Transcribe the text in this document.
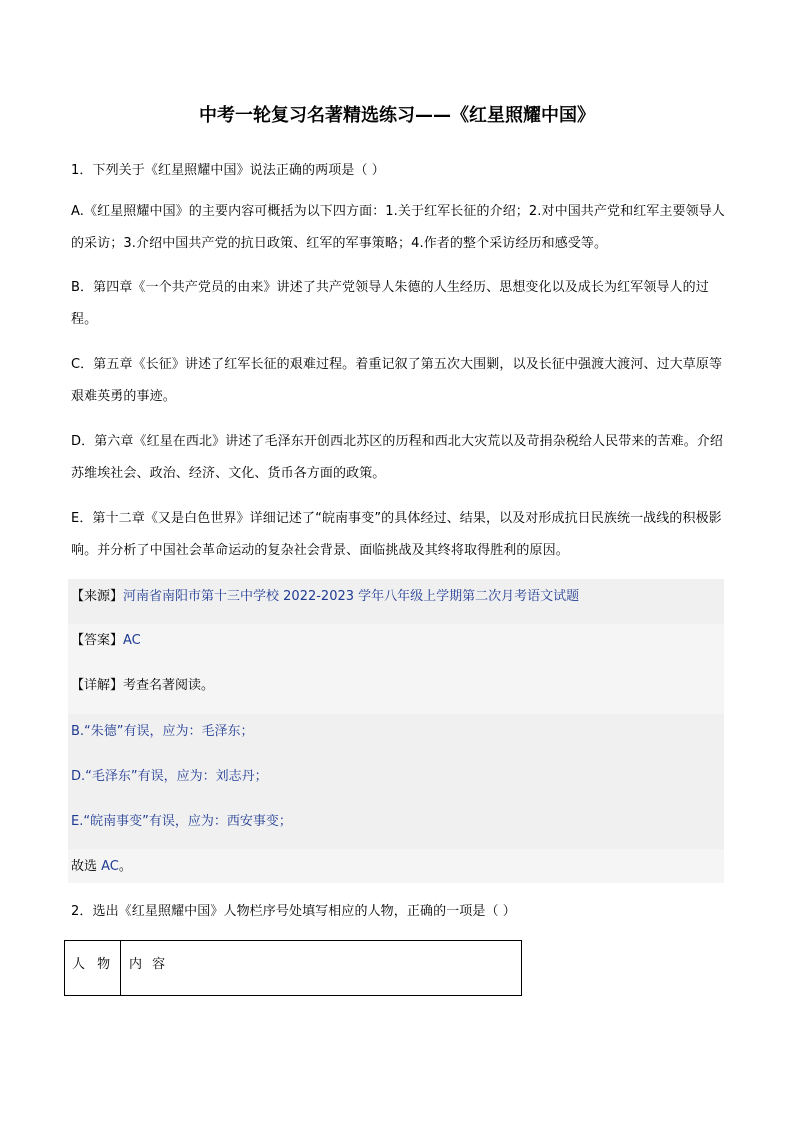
中考一轮复习名著精选练习——《红星照耀中国》

1．下列关于《红星照耀中国》说法正确的两项是（ ）

A.《红星照耀中国》的主要内容可概括为以下四方面：1.关于红军长征的介绍；2.对中国共产党和红军主要领导人的采访；3.介绍中国共产党的抗日政策、红军的军事策略；4.作者的整个采访经历和感受等。

B．第四章《一个共产党员的由来》讲述了共产党领导人朱德的人生经历、思想变化以及成长为红军领导人的过程。

C．第五章《长征》讲述了红军长征的艰难过程。着重记叙了第五次大围剿，以及长征中强渡大渡河、过大草原等艰难英勇的事迹。

D．第六章《红星在西北》讲述了毛泽东开创西北苏区的历程和西北大灾荒以及苛捐杂税给人民带来的苦难。介绍苏维埃社会、政治、经济、文化、货币各方面的政策。

E．第十二章《又是白色世界》详细记述了“皖南事变”的具体经过、结果，以及对形成抗日民族统一战线的积极影响。并分析了中国社会革命运动的复杂社会背景、面临挑战及其终将取得胜利的原因。

【来源】河南省南阳市第十三中学校 2022-2023 学年八年级上学期第二次月考语文试题
【答案】AC
【详解】考查名著阅读。
B.“朱德”有误，应为：毛泽东；
D.“毛泽东”有误，应为：刘志丹；
E.“皖南事变”有误，应为：西安事变；
故选 AC。

2．选出《红星照耀中国》人物栏序号处填写相应的人物，正确的一项是（ ）

人 物	内 容
